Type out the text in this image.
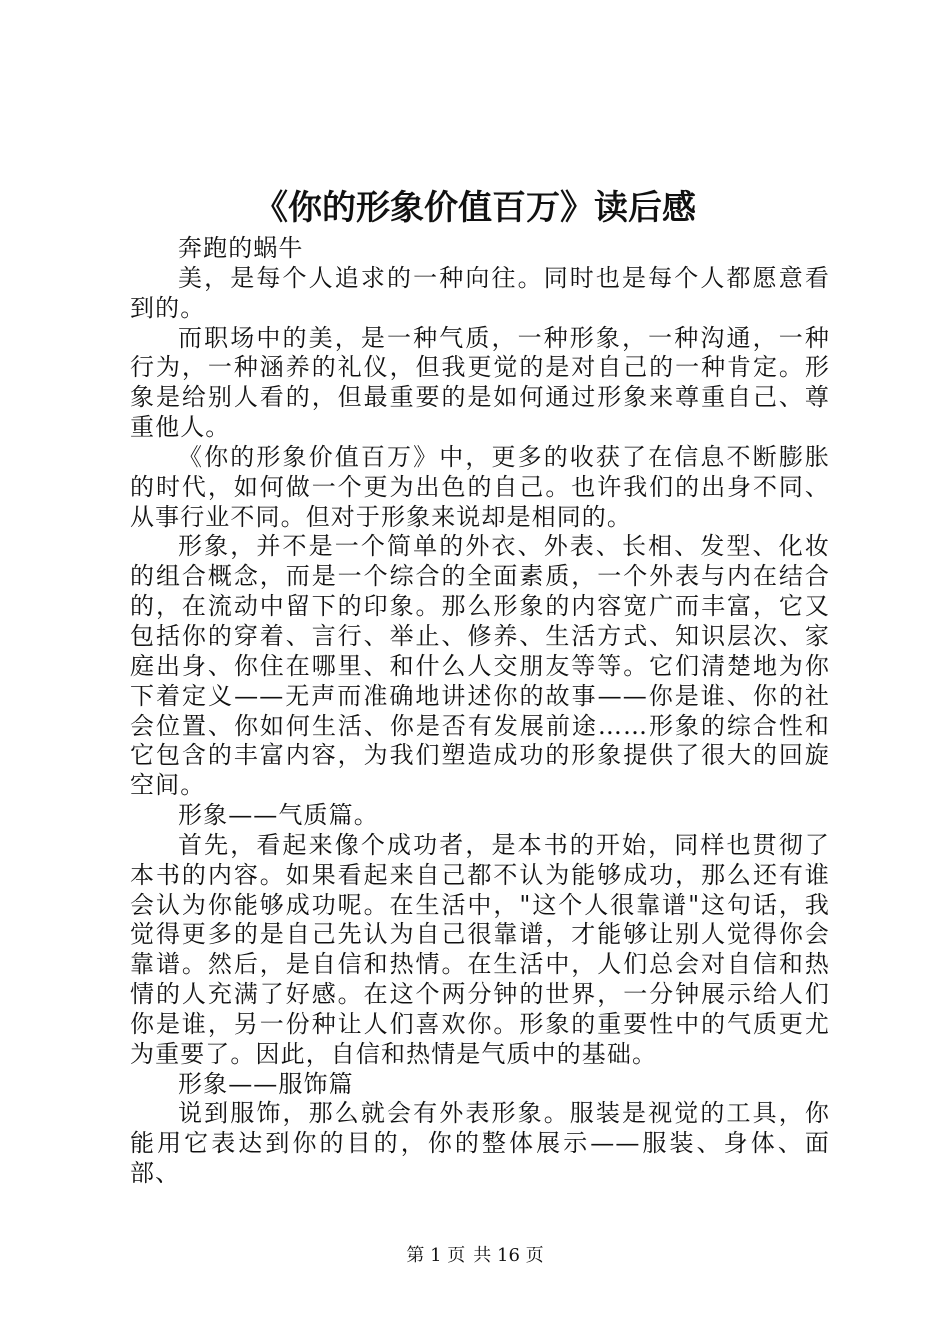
《你的形象价值百万》读后感

奔跑的蜗牛

美，是每个人追求的一种向往。同时也是每个人都愿意看到的。

而职场中的美，是一种气质，一种形象，一种沟通，一种行为，一种涵养的礼仪，但我更觉的是对自己的一种肯定。形象是给别人看的，但最重要的是如何通过形象来尊重自己、尊重他人。

《你的形象价值百万》中，更多的收获了在信息不断膨胀的时代，如何做一个更为出色的自己。也许我们的出身不同、从事行业不同。但对于形象来说却是相同的。

形象，并不是一个简单的外衣、外表、长相、发型、化妆的组合概念，而是一个综合的全面素质，一个外表与内在结合的，在流动中留下的印象。那么形象的内容宽广而丰富，它又包括你的穿着、言行、举止、修养、生活方式、知识层次、家庭出身、你住在哪里、和什么人交朋友等等。它们清楚地为你下着定义——无声而准确地讲述你的故事——你是谁、你的社会位置、你如何生活、你是否有发展前途……形象的综合性和它包含的丰富内容，为我们塑造成功的形象提供了很大的回旋空间。

形象——气质篇。

首先，看起来像个成功者，是本书的开始，同样也贯彻了本书的内容。如果看起来自己都不认为能够成功，那么还有谁会认为你能够成功呢。在生活中，"这个人很靠谱"这句话，我觉得更多的是自己先认为自己很靠谱，才能够让别人觉得你会靠谱。然后，是自信和热情。在生活中，人们总会对自信和热情的人充满了好感。在这个两分钟的世界，一分钟展示给人们你是谁，另一份种让人们喜欢你。形象的重要性中的气质更尤为重要了。因此，自信和热情是气质中的基础。

形象——服饰篇

说到服饰，那么就会有外表形象。服装是视觉的工具，你能用它表达到你的目的，你的整体展示——服装、身体、面部、

第 1 页 共 16 页
